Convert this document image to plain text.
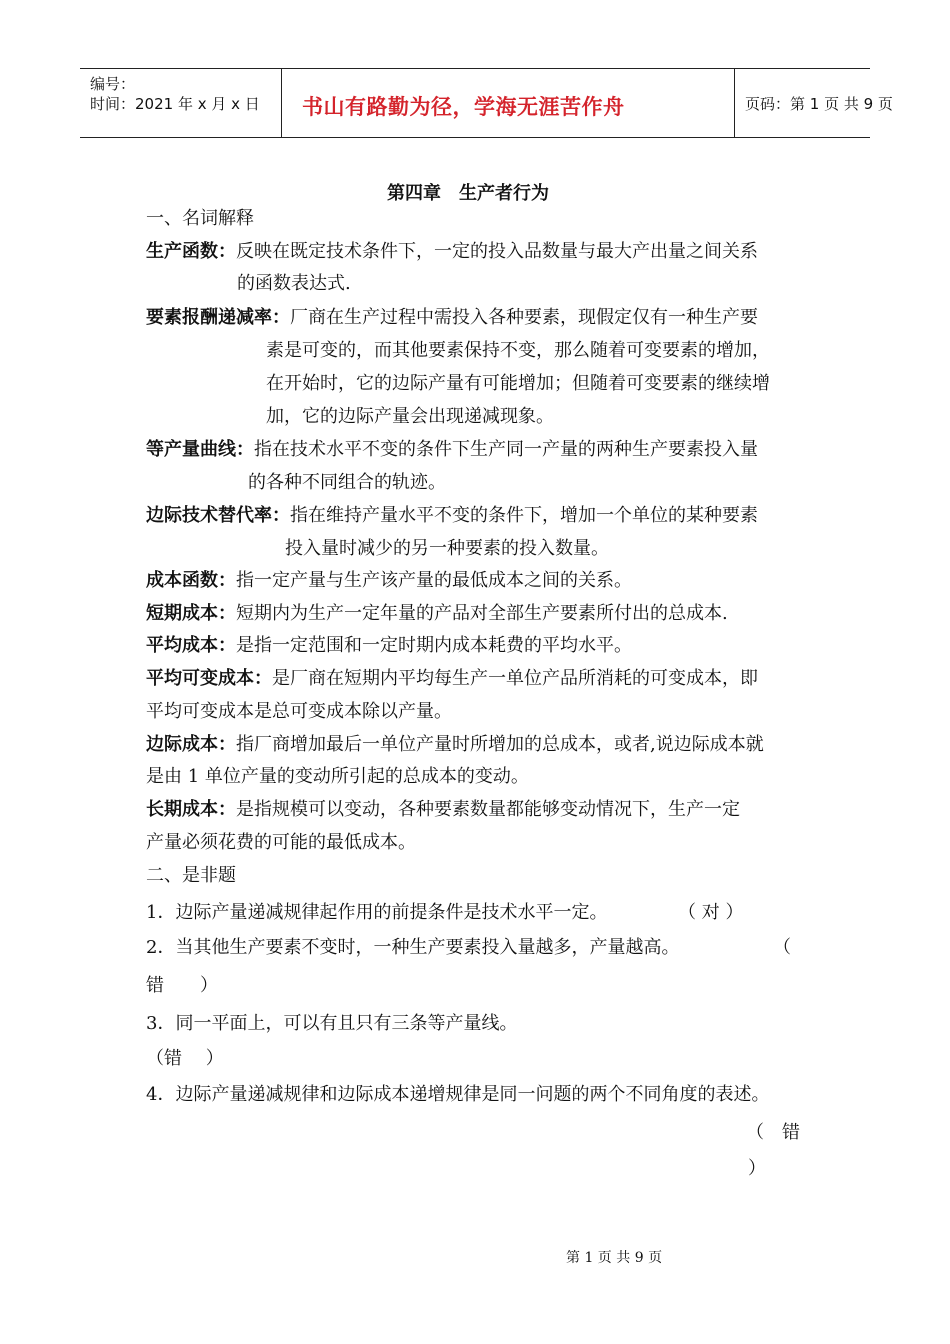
编号：
时间：2021 年 x 月 x 日 书山有路勤为径，学海无涯苦作舟	页码：第 1 页 共 9 页
第四章　生产者行为
一、名词解释
生产函数：反映在既定技术条件下，一定的投入品数量与最大产出量之间关系
的函数表达式.
要素报酬递减率：厂商在生产过程中需投入各种要素，现假定仅有一种生产要
素是可变的，而其他要素保持不变，那么随着可变要素的增加，
在开始时，它的边际产量有可能增加；但随着可变要素的继续增
加，它的边际产量会出现递减现象。
等产量曲线：指在技术水平不变的条件下生产同一产量的两种生产要素投入量
的各种不同组合的轨迹。
边际技术替代率：指在维持产量水平不变的条件下，增加一个单位的某种要素
投入量时减少的另一种要素的投入数量。
成本函数：指一定产量与生产该产量的最低成本之间的关系。
短期成本：短期内为生产一定年量的产品对全部生产要素所付出的总成本.
平均成本：是指一定范围和一定时期内成本耗费的平均水平。
平均可变成本：是厂商在短期内平均每生产一单位产品所消耗的可变成本，即
平均可变成本是总可变成本除以产量。
边际成本：指厂商增加最后一单位产量时所增加的总成本，或者,说边际成本就
是由 1 单位产量的变动所引起的总成本的变动。
长期成本：是指规模可以变动，各种要素数量都能够变动情况下，生产一定
产量必须花费的可能的最低成本。
二、是非题
1．边际产量递减规律起作用的前提条件是技术水平一定。	（ 对 ）
2．当其他生产要素不变时，一种生产要素投入量越多，产量越高。	（
错　　）
3．同一平面上，可以有且只有三条等产量线。
（错　 ）
4．边际产量递减规律和边际成本递增规律是同一问题的两个不同角度的表述。
（　错
）
第 1 页 共 9 页
